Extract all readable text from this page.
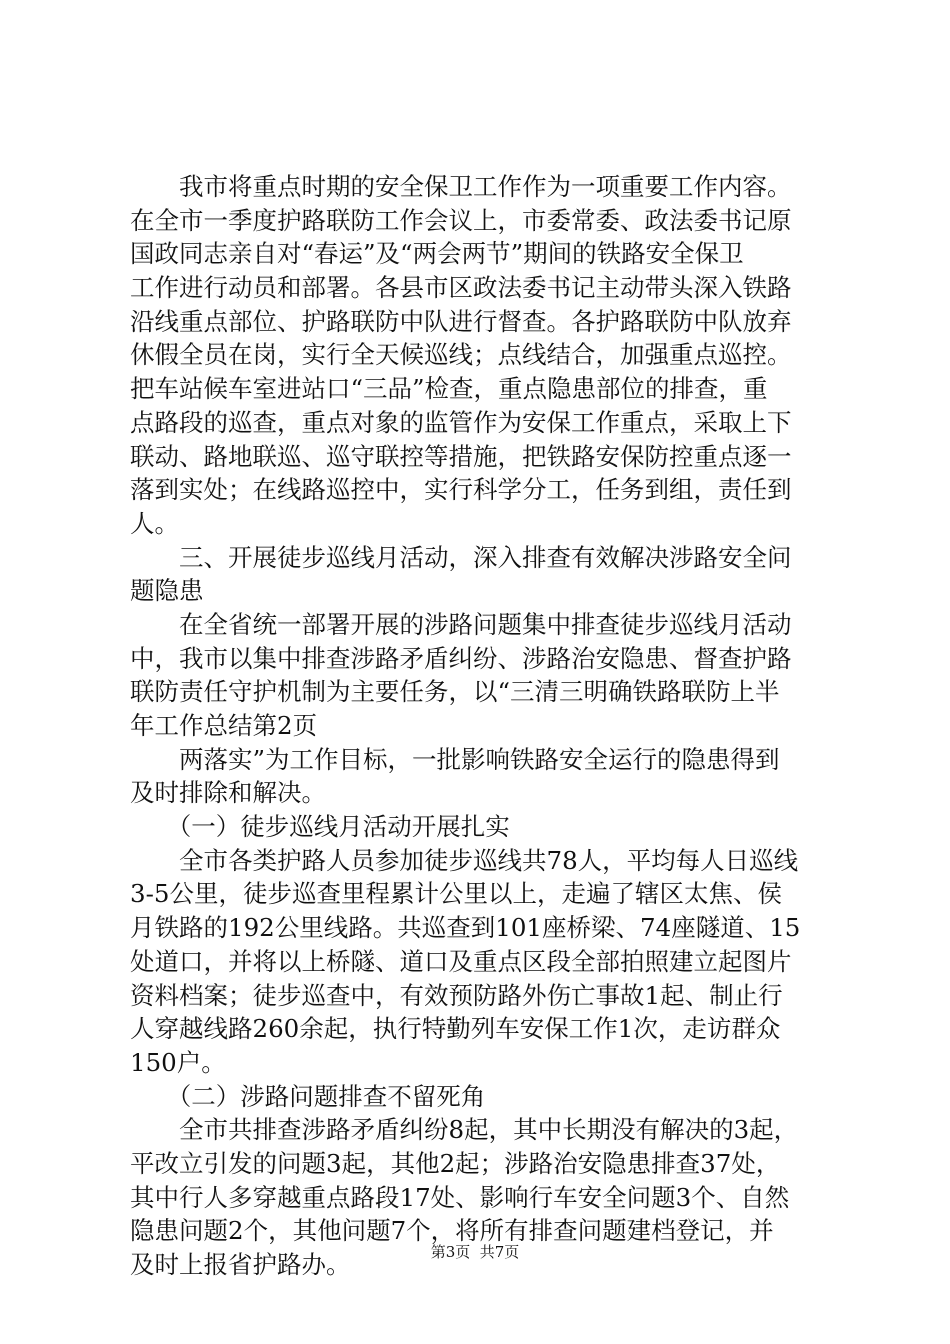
　　我市将重点时期的安全保卫工作作为一项重要工作内容。
在全市一季度护路联防工作会议上，市委常委、政法委书记原
国政同志亲自对“春运”及“两会两节”期间的铁路安全保卫
工作进行动员和部署。各县市区政法委书记主动带头深入铁路
沿线重点部位、护路联防中队进行督查。各护路联防中队放弃
休假全员在岗，实行全天候巡线；点线结合，加强重点巡控。
把车站候车室进站口“三品”检查，重点隐患部位的排查，重
点路段的巡查，重点对象的监管作为安保工作重点，采取上下
联动、路地联巡、巡守联控等措施，把铁路安保防控重点逐一
落到实处；在线路巡控中，实行科学分工，任务到组，责任到
人。
　　三、开展徒步巡线月活动，深入排查有效解决涉路安全问
题隐患
　　在全省统一部署开展的涉路问题集中排查徒步巡线月活动
中，我市以集中排查涉路矛盾纠纷、涉路治安隐患、督查护路
联防责任守护机制为主要任务，以“三清三明确铁路联防上半
年工作总结第2页
　　两落实”为工作目标，一批影响铁路安全运行的隐患得到
及时排除和解决。
　　（一）徒步巡线月活动开展扎实
　　全市各类护路人员参加徒步巡线共78人，平均每人日巡线
3-5公里，徒步巡查里程累计公里以上，走遍了辖区太焦、侯
月铁路的192公里线路。共巡查到101座桥梁、74座隧道、15
处道口，并将以上桥隧、道口及重点区段全部拍照建立起图片
资料档案；徒步巡查中，有效预防路外伤亡事故1起、制止行
人穿越线路260余起，执行特勤列车安保工作1次，走访群众
150户。
　　（二）涉路问题排查不留死角
　　全市共排查涉路矛盾纠纷8起，其中长期没有解决的3起，
平改立引发的问题3起，其他2起；涉路治安隐患排查37处，
其中行人多穿越重点路段17处、影响行车安全问题3个、自然
隐患问题2个，其他问题7个，将所有排查问题建档登记，并
及时上报省护路办。	第3页  共7页
